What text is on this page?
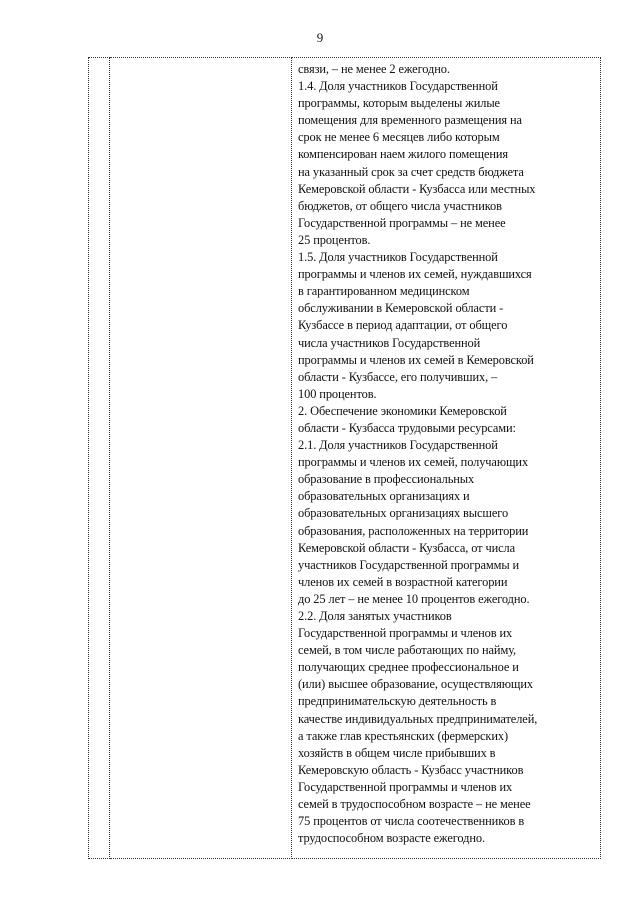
9

связи, – не менее 2 ежегодно.
1.4. Доля участников Государственной
программы, которым выделены жилые
помещения для временного размещения на
срок не менее 6 месяцев либо которым
компенсирован наем жилого помещения
на указанный срок за счет средств бюджета
Кемеровской области - Кузбасса или местных
бюджетов, от общего числа участников
Государственной программы – не менее
25 процентов.
1.5. Доля участников Государственной
программы и членов их семей, нуждавшихся
в гарантированном медицинском
обслуживании в Кемеровской области -
Кузбассе в период адаптации, от общего
числа участников Государственной
программы и членов их семей в Кемеровской
области - Кузбассе, его получивших, –
100 процентов.
2. Обеспечение экономики Кемеровской
области - Кузбасса трудовыми ресурсами:
2.1. Доля участников Государственной
программы и членов их семей, получающих
образование в профессиональных
образовательных организациях и
образовательных организациях высшего
образования, расположенных на территории
Кемеровской области - Кузбасса, от числа
участников Государственной программы и
членов их семей в возрастной категории
до 25 лет – не менее 10 процентов ежегодно.
2.2. Доля занятых участников
Государственной программы и членов их
семей, в том числе работающих по найму,
получающих среднее профессиональное и
(или) высшее образование, осуществляющих
предпринимательскую деятельность в
качестве индивидуальных предпринимателей,
а также глав крестьянских (фермерских)
хозяйств в общем числе прибывших в
Кемеровскую область - Кузбасс участников
Государственной программы и членов их
семей в трудоспособном возрасте – не менее
75 процентов от числа соотечественников в
трудоспособном возрасте ежегодно.
